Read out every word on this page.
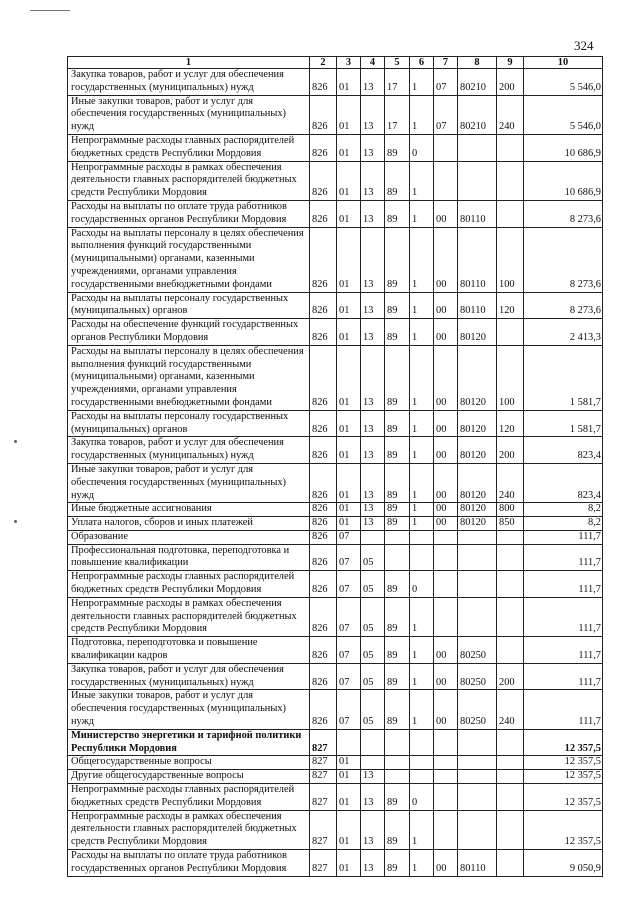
324
1	2	3	4	5	6	7	8	9	10
Закупка товаров, работ и услуг для обеспечения государственных (муниципальных) нужд	826	01	13	17	1	07	80210	200	5 546,0
Иные закупки товаров, работ и услуг для обеспечения государственных (муниципальных) нужд	826	01	13	17	1	07	80210	240	5 546,0
Непрограммные расходы главных распорядителей бюджетных средств Республики Мордовия	826	01	13	89	0				10 686,9
Непрограммные расходы в рамках обеспечения деятельности главных распорядителей бюджетных средств Республики Мордовия	826	01	13	89	1				10 686,9
Расходы на выплаты по оплате труда работников государственных органов Республики Мордовия	826	01	13	89	1	00	80110		8 273,6
Расходы на выплаты персоналу в целях обеспечения выполнения функций государственными (муниципальными) органами, казенными учреждениями, органами управления государственными внебюджетными фондами	826	01	13	89	1	00	80110	100	8 273,6
Расходы на выплаты персоналу государственных (муниципальных) органов	826	01	13	89	1	00	80110	120	8 273,6
Расходы на обеспечение функций государственных органов Республики Мордовия	826	01	13	89	1	00	80120		2 413,3
Расходы на выплаты персоналу в целях обеспечения выполнения функций государственными (муниципальными) органами, казенными учреждениями, органами управления государственными внебюджетными фондами	826	01	13	89	1	00	80120	100	1 581,7
Расходы на выплаты персоналу государственных (муниципальных) органов	826	01	13	89	1	00	80120	120	1 581,7
Закупка товаров, работ и услуг для обеспечения государственных (муниципальных) нужд	826	01	13	89	1	00	80120	200	823,4
Иные закупки товаров, работ и услуг для обеспечения государственных (муниципальных) нужд	826	01	13	89	1	00	80120	240	823,4
Иные бюджетные ассигнования	826	01	13	89	1	00	80120	800	8,2
Уплата налогов, сборов и иных платежей	826	01	13	89	1	00	80120	850	8,2
Образование	826	07							111,7
Профессиональная подготовка, переподготовка и повышение квалификации	826	07	05						111,7
Непрограммные расходы главных распорядителей бюджетных средств Республики Мордовия	826	07	05	89	0				111,7
Непрограммные расходы в рамках обеспечения деятельности главных распорядителей бюджетных средств Республики Мордовия	826	07	05	89	1				111,7
Подготовка, переподготовка и повышение квалификации кадров	826	07	05	89	1	00	80250		111,7
Закупка товаров, работ и услуг для обеспечения государственных (муниципальных) нужд	826	07	05	89	1	00	80250	200	111,7
Иные закупки товаров, работ и услуг для обеспечения государственных (муниципальных) нужд	826	07	05	89	1	00	80250	240	111,7
Министерство энергетики и тарифной политики Республики Мордовия	827								12 357,5
Общегосударственные вопросы	827	01							12 357,5
Другие общегосударственные вопросы	827	01	13						12 357,5
Непрограммные расходы главных распорядителей бюджетных средств Республики Мордовия	827	01	13	89	0				12 357,5
Непрограммные расходы в рамках обеспечения деятельности главных распорядителей бюджетных средств Республики Мордовия	827	01	13	89	1				12 357,5
Расходы на выплаты по оплате труда работников государственных органов Республики Мордовия	827	01	13	89	1	00	80110		9 050,9
